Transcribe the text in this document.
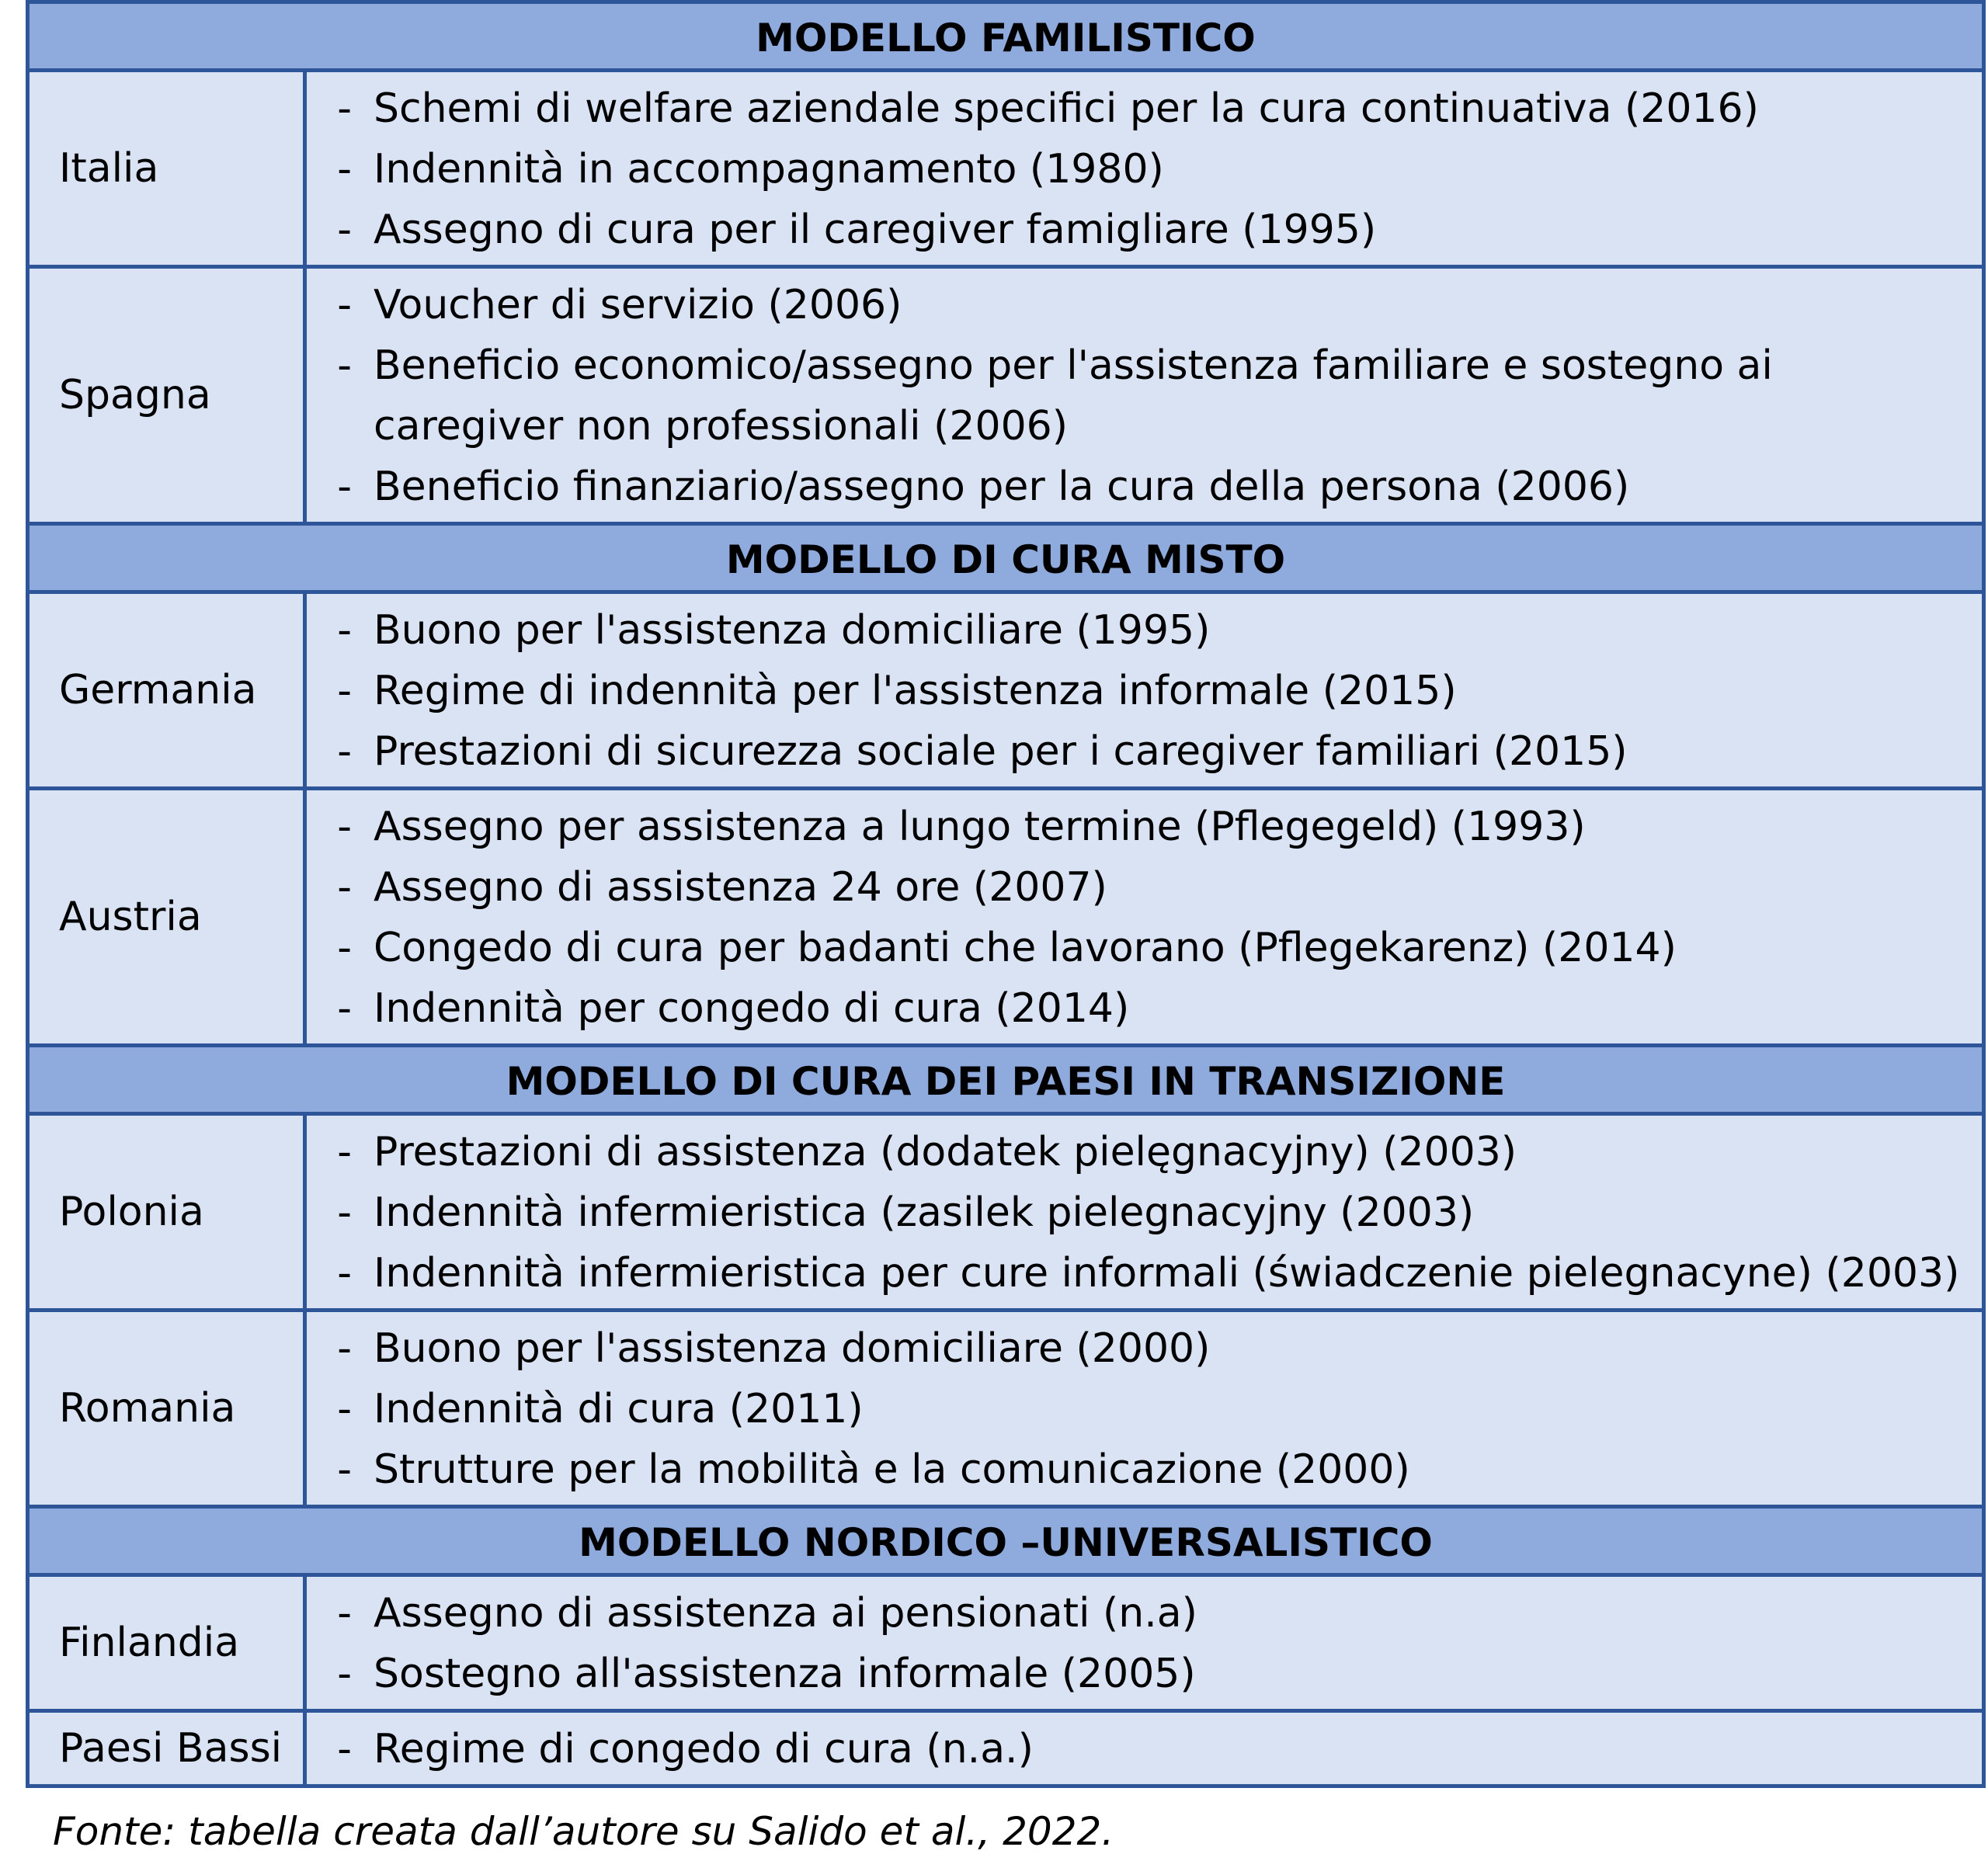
MODELLO FAMILISTICO
Italia
- Schemi di welfare aziendale specifici per la cura continuativa (2016)
- Indennità in accompagnamento (1980)
- Assegno di cura per il caregiver famigliare (1995)
Spagna
- Voucher di servizio (2006)
- Beneficio economico/assegno per l'assistenza familiare e sostegno ai caregiver non professionali (2006)
- Beneficio finanziario/assegno per la cura della persona (2006)
MODELLO DI CURA MISTO
Germania
- Buono per l'assistenza domiciliare (1995)
- Regime di indennità per l'assistenza informale (2015)
- Prestazioni di sicurezza sociale per i caregiver familiari (2015)
Austria
- Assegno per assistenza a lungo termine (Pflegegeld) (1993)
- Assegno di assistenza 24 ore (2007)
- Congedo di cura per badanti che lavorano (Pflegekarenz) (2014)
- Indennità per congedo di cura (2014)
MODELLO DI CURA DEI PAESI IN TRANSIZIONE
Polonia
- Prestazioni di assistenza (dodatek pielęgnacyjny) (2003)
- Indennità infermieristica (zasilek pielegnacyjny (2003)
- Indennità infermieristica per cure informali (świadczenie pielegnacyne) (2003)
Romania
- Buono per l'assistenza domiciliare (2000)
- Indennità di cura (2011)
- Strutture per la mobilità e la comunicazione (2000)
MODELLO NORDICO –UNIVERSALISTICO
Finlandia
- Assegno di assistenza ai pensionati (n.a)
- Sostegno all'assistenza informale (2005)
Paesi Bassi	- Regime di congedo di cura (n.a.)
Fonte: tabella creata dall’autore su Salido et al., 2022.
